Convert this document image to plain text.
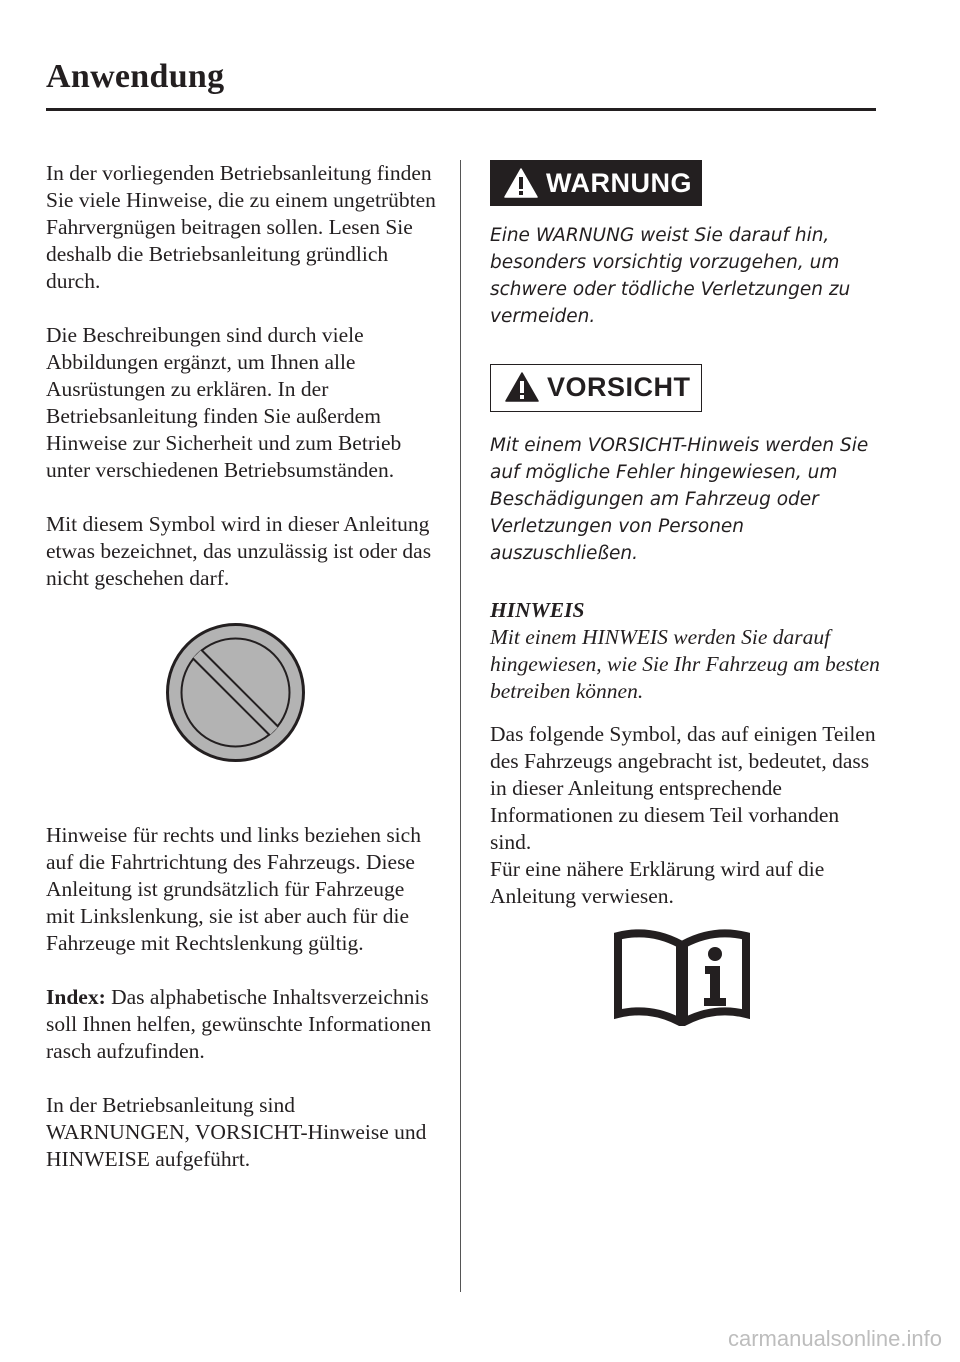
Anwendung

In der vorliegenden Betriebsanleitung finden Sie viele Hinweise, die zu einem ungetrübten Fahrvergnügen beitragen sollen. Lesen Sie deshalb die Betriebsanleitung gründlich durch.

Die Beschreibungen sind durch viele Abbildungen ergänzt, um Ihnen alle Ausrüstungen zu erklären. In der Betriebsanleitung finden Sie außerdem Hinweise zur Sicherheit und zum Betrieb unter verschiedenen Betriebsumständen.

Mit diesem Symbol wird in dieser Anleitung etwas bezeichnet, das unzulässig ist oder das nicht geschehen darf.

Hinweise für rechts und links beziehen sich auf die Fahrtrichtung des Fahrzeugs. Diese Anleitung ist grundsätzlich für Fahrzeuge mit Linkslenkung, sie ist aber auch für die Fahrzeuge mit Rechtslenkung gültig.

Index: Das alphabetische Inhaltsverzeichnis soll Ihnen helfen, gewünschte Informationen rasch aufzufinden.

In der Betriebsanleitung sind WARNUNGEN, VORSICHT-Hinweise und HINWEISE aufgeführt.

WARNUNG

Eine WARNUNG weist Sie darauf hin, besonders vorsichtig vorzugehen, um schwere oder tödliche Verletzungen zu vermeiden.

VORSICHT

Mit einem VORSICHT-Hinweis werden Sie auf mögliche Fehler hingewiesen, um Beschädigungen am Fahrzeug oder Verletzungen von Personen auszuschließen.

HINWEIS

Mit einem HINWEIS werden Sie darauf hingewiesen, wie Sie Ihr Fahrzeug am besten betreiben können.

Das folgende Symbol, das auf einigen Teilen des Fahrzeugs angebracht ist, bedeutet, dass in dieser Anleitung entsprechende Informationen zu diesem Teil vorhanden sind.

Für eine nähere Erklärung wird auf die Anleitung verwiesen.

carmanualsonline.info
